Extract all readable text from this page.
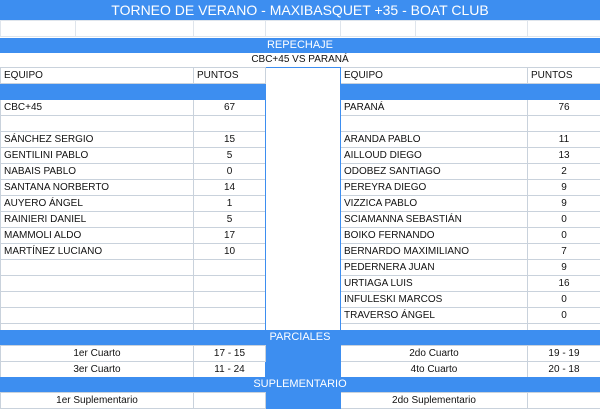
TORNEO DE VERANO - MAXIBASQUET +35 - BOAT CLUB

REPECHAJE
CBC+45 VS PARANÁ
EQUIPO	PUNTOS		EQUIPO	PUNTOS

CBC+45	67		PARANÁ	76

SÁNCHEZ SERGIO	15		ARANDA PABLO	11
GENTILINI PABLO	5		AILLOUD DIEGO	13
NABAIS PABLO	0		ODOBEZ SANTIAGO	2
SANTANA NORBERTO	14		PEREYRA DIEGO	9
AUYERO ÁNGEL	1		VIZZICA PABLO	9
RAINIERI DANIEL	5		SCIAMANNA SEBASTIÁN	0
MAMMOLI ALDO	17		BOIKO FERNANDO	0
MARTÍNEZ LUCIANO	10		BERNARDO MAXIMILIANO	7
			PEDERNERA JUAN	9
			URTIAGA LUIS	16
			INFULESKI MARCOS	0
			TRAVERSO ÁNGEL	0

PARCIALES
1er Cuarto	17 - 15		2do Cuarto	19 - 19
3er Cuarto	11 - 24		4to Cuarto	20 - 18
SUPLEMENTARIO
1er Suplementario			2do Suplementario	
